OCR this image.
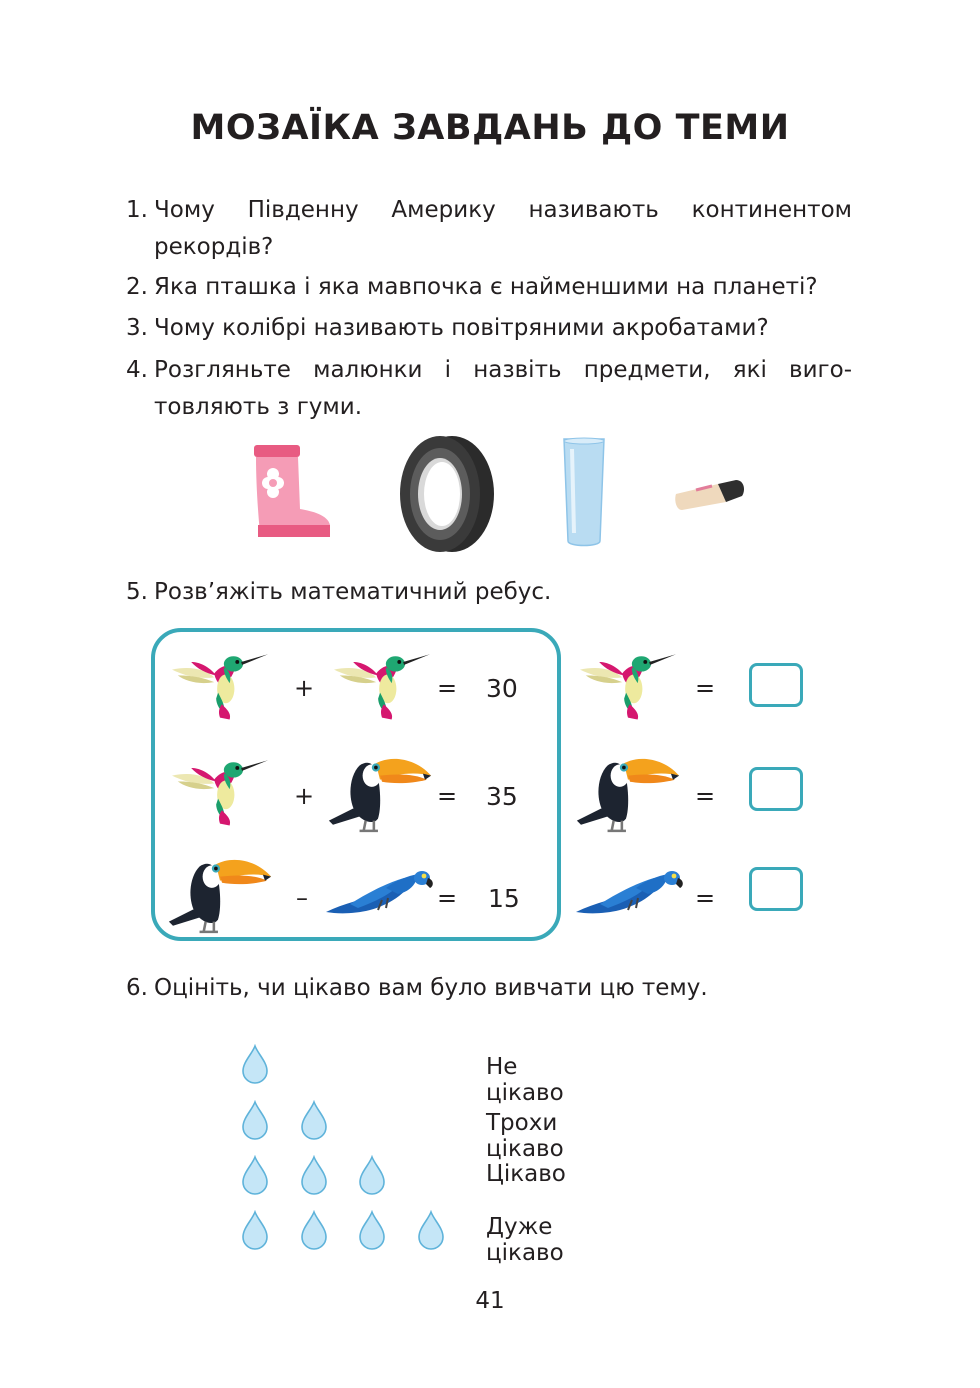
МОЗАЇКА ЗАВДАНЬ ДО ТЕМИ
1. Чому Південну Америку називають континентом
рекордів?
2. Яка пташка і яка мавпочка є найменшими на планеті?
3. Чому колібрі називають повітряними акробатами?
4. Розгляньте малюнки і назвіть предмети, які виго-
товляють з гуми.
5. Розв’яжіть математичний ребус.
+	= 30	=
+	= 35	=
–	= 15	=
6. Оцініть, чи цікаво вам було вивчати цю тему.
Не цікаво
Трохи цікаво
Цікаво
Дуже цікаво
41
